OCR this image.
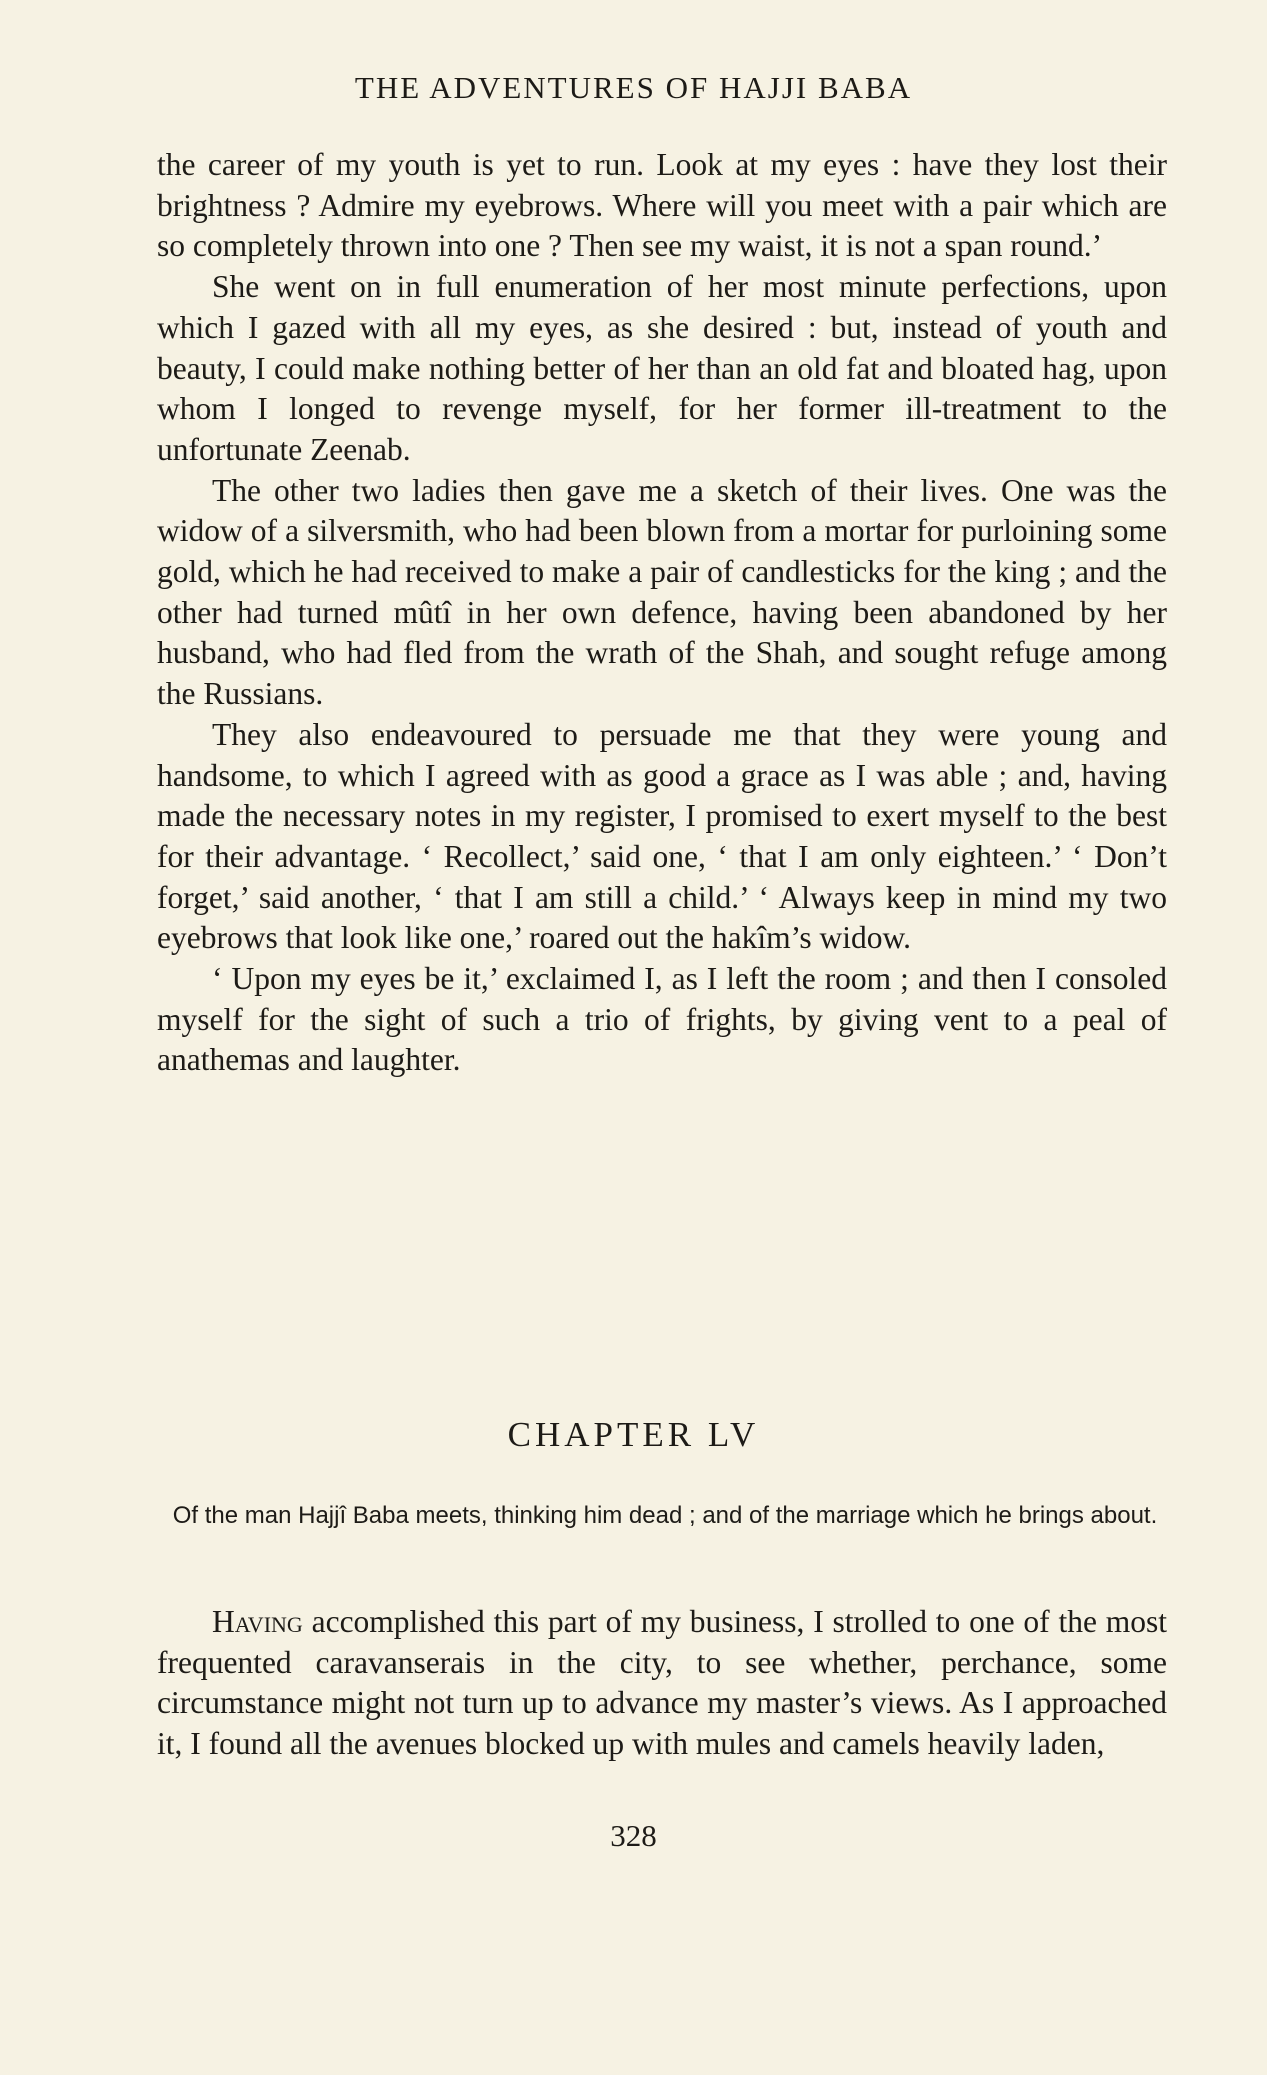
THE ADVENTURES OF HAJJI BABA

the career of my youth is yet to run. Look at my eyes : have they lost their brightness ? Admire my eyebrows. Where will you meet with a pair which are so completely thrown into one ? Then see my waist, it is not a span round.’

She went on in full enumeration of her most minute perfections, upon which I gazed with all my eyes, as she desired : but, instead of youth and beauty, I could make nothing better of her than an old fat and bloated hag, upon whom I longed to revenge myself, for her former ill-treatment to the unfortunate Zeenab.

The other two ladies then gave me a sketch of their lives. One was the widow of a silversmith, who had been blown from a mortar for purloining some gold, which he had received to make a pair of candlesticks for the king ; and the other had turned mûtî in her own defence, having been abandoned by her husband, who had fled from the wrath of the Shah, and sought refuge among the Russians.

They also endeavoured to persuade me that they were young and handsome, to which I agreed with as good a grace as I was able ; and, having made the necessary notes in my register, I promised to exert myself to the best for their advantage. ‘ Recollect,’ said one, ‘ that I am only eighteen.’ ‘ Don’t forget,’ said another, ‘ that I am still a child.’ ‘ Always keep in mind my two eyebrows that look like one,’ roared out the hakîm’s widow.

‘ Upon my eyes be it,’ exclaimed I, as I left the room ; and then I consoled myself for the sight of such a trio of frights, by giving vent to a peal of anathemas and laughter.

CHAPTER LV
Of the man Hajjî Baba meets, thinking him dead ; and of the marriage which he brings about.

Having accomplished this part of my business, I strolled to one of the most frequented caravanserais in the city, to see whether, perchance, some circumstance might not turn up to advance my master’s views. As I approached it, I found all the avenues blocked up with mules and camels heavily laden,

328
